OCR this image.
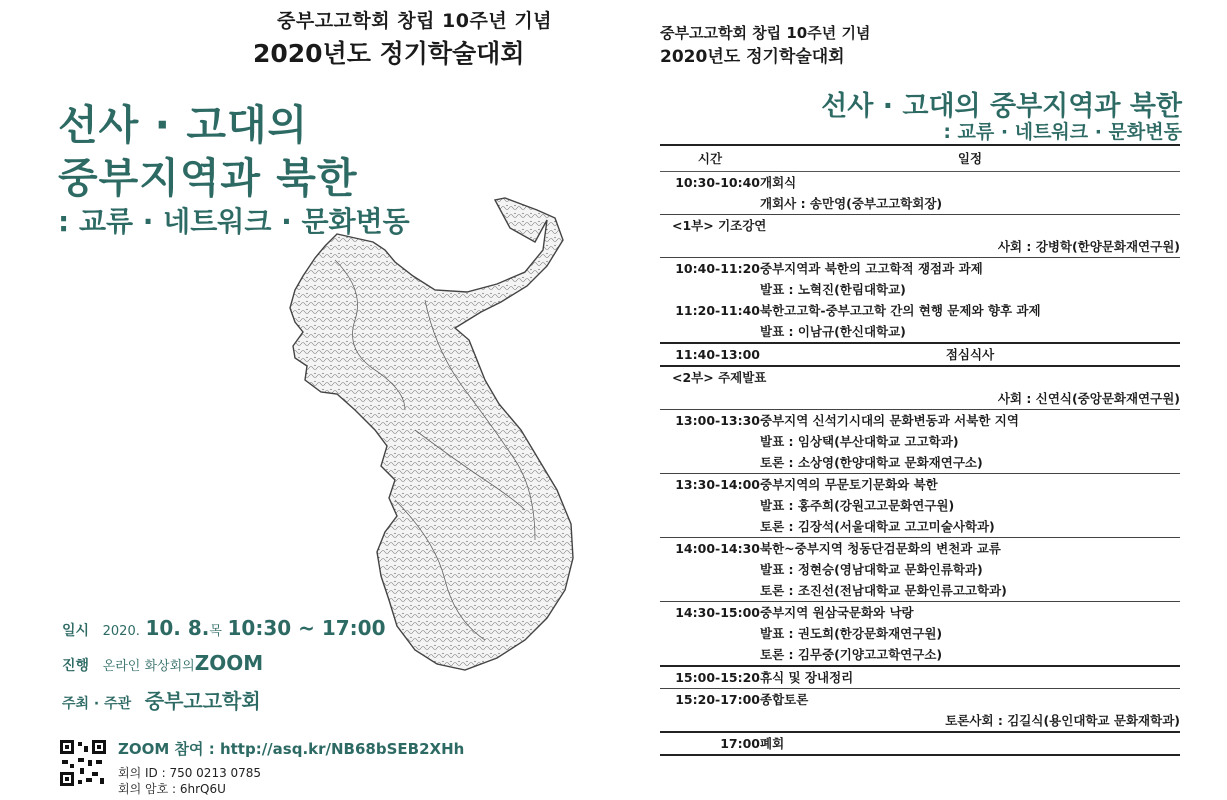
중부고고학회 창립 10주년 기념
2020년도 정기학술대회
선사 · 고대의
중부지역과 북한
: 교류 · 네트워크 · 문화변동
일시 2020. 10. 8.목 10:30 ~ 17:00
진행 온라인 화상회의ZOOM
주최 · 주관 중부고고학회
ZOOM 참여 : http://asq.kr/NB68bSEB2XHh
회의 ID : 750 0213 0785
회의 암호 : 6hrQ6U
중부고고학회 창립 10주년 기념
2020년도 정기학술대회
선사 · 고대의 중부지역과 북한
: 교류 · 네트워크 · 문화변동
시간	일정
10:30-10:40	개회식
	개회사 : 송만영(중부고고학회장)
<1부> 기조강연	
사회 : 강병학(한양문화재연구원)	
10:40-11:20	중부지역과 북한의 고고학적 쟁점과 과제
	발표 : 노혁진(한림대학교)
11:20-11:40	북한고고학-중부고고학 간의 현행 문제와 향후 과제
	발표 : 이남규(한신대학교)
11:40-13:00	점심식사
<2부> 주제발표	
사회 : 신연식(중앙문화재연구원)	
13:00-13:30	중부지역 신석기시대의 문화변동과 서북한 지역
	발표 : 임상택(부산대학교 고고학과)
	토론 : 소상영(한양대학교 문화재연구소)
13:30-14:00	중부지역의 무문토기문화와 북한
	발표 : 홍주희(강원고고문화연구원)
	토론 : 김장석(서울대학교 고고미술사학과)
14:00-14:30	북한~중부지역 청동단검문화의 변천과 교류
	발표 : 정현승(영남대학교 문화인류학과)
	토론 : 조진선(전남대학교 문화인류고고학과)
14:30-15:00	중부지역 원삼국문화와 낙랑
	발표 : 권도희(한강문화재연구원)
	토론 : 김무중(기양고고학연구소)
15:00-15:20	휴식 및 장내정리
15:20-17:00	종합토론
토론사회 : 김길식(용인대학교 문화재학과)	
17:00	폐회
